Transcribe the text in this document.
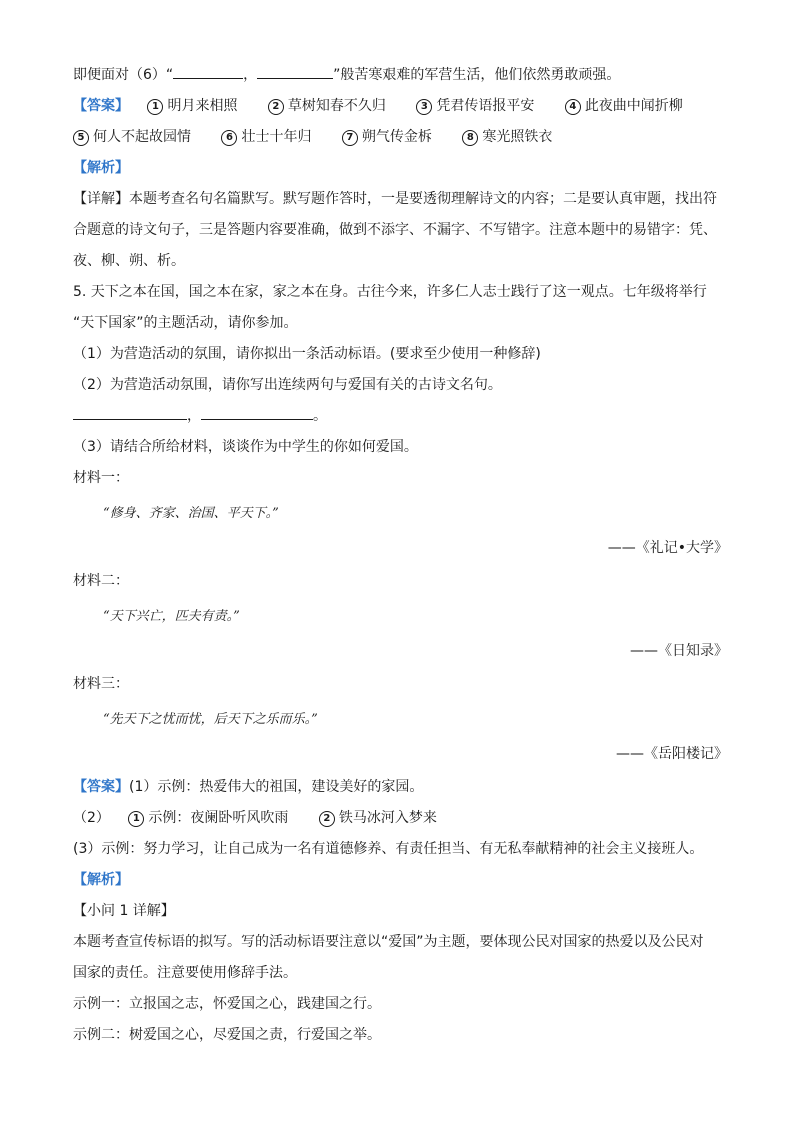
即便面对（6）“	，	”般苦寒艰难的军营生活，他们依然勇敢顽强。
【答案】 1 明月来相照	2 草树知春不久归	3 凭君传语报平安	4 此夜曲中闻折柳
5 何人不起故园情	6 壮士十年归	7 朔气传金柝	8 寒光照铁衣
【解析】
【详解】本题考查名句名篇默写。默写题作答时，一是要透彻理解诗文的内容；二是要认真审题，找出符
合题意的诗文句子，三是答题内容要准确，做到不添字、不漏字、不写错字。注意本题中的易错字：凭、
夜、柳、朔、析。
5. 天下之本在国，国之本在家，家之本在身。古往今来，许多仁人志士践行了这一观点。七年级将举行
“天下国家”的主题活动，请你参加。
（1）为营造活动的氛围，请你拟出一条活动标语。(要求至少使用一种修辞)
（2）为营造活动氛围，请你写出连续两句与爱国有关的古诗文名句。
，	。
（3）请结合所给材料，谈谈作为中学生的你如何爱国。
材料一：
“修身、齐家、治国、平天下。”
——《礼记•大学》
材料二：
“天下兴亡，匹夫有责。”
——《日知录》
材料三：
“先天下之忧而忧，后天下之乐而乐。”
——《岳阳楼记》
【答案】(1）示例：热爱伟大的祖国，建设美好的家园。
（2） 1 示例：夜阑卧听风吹雨	2 铁马冰河入梦来
(3）示例：努力学习，让自己成为一名有道德修养、有责任担当、有无私奉献精神的社会主义接班人。
【解析】
【小问 1 详解】
本题考查宣传标语的拟写。写的活动标语要注意以“爱国”为主题，要体现公民对国家的热爱以及公民对
国家的责任。注意要使用修辞手法。
示例一：立报国之志，怀爱国之心，践建国之行。
示例二：树爱国之心，尽爱国之责，行爱国之举。
